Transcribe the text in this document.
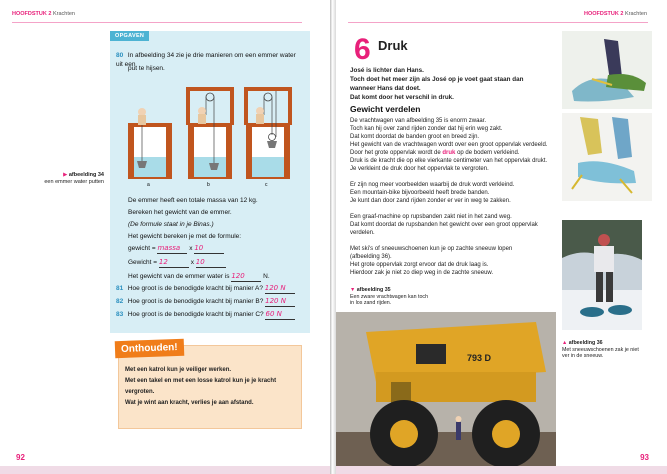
HOOFDSTUK 2 Krachten
▶ afbeelding 34
een emmer water putten
OPGAVEN
80 In afbeelding 34 zie je drie manieren om een emmer water uit een
put te hijsen.
a	b	c
De emmer heeft een totale massa van 12 kg.
Bereken het gewicht van de emmer.
(De formule staat in je Binas.)
Het gewicht bereken je met de formule:
gewicht = massa x 10
Gewicht = 12	x 10
Het gewicht van de emmer water is 120	N.
81 Hoe groot is de benodigde kracht bij manier A? 120 N
82 Hoe groot is de benodigde kracht bij manier B? 120 N
83 Hoe groot is de benodigde kracht bij manier C? 60 N
Onthouden!
Met een katrol kun je veiliger werken.
Met een takel en met een losse katrol kun je je kracht
vergroten.
Wat je wint aan kracht, verlies je aan afstand.
92
HOOFDSTUK 2 Krachten
6 Druk
José is lichter dan Hans.
Toch doet het meer zijn als José op je voet gaat staan dan
wanneer Hans dat doet.
Dat komt door het verschil in druk.
Gewicht verdelen
De vrachtwagen van afbeelding 35 is enorm zwaar.
Toch kan hij over zand rijden zonder dat hij erin weg zakt.
Dat komt doordat de banden groot en breed zijn.
Het gewicht van de vrachtwagen wordt over een groot oppervlak verdeeld.
Door het grote oppervlak wordt de druk op de bodem verkleind.
Druk is de kracht die op elke vierkante centimeter van het oppervlak drukt.
Je verkleint de druk door het oppervlak te vergroten.
Er zijn nog meer voorbeelden waarbij de druk wordt verkleind.
Een mountain-bike bijvoorbeeld heeft brede banden.
Je kunt dan door zand rijden zonder er ver in weg te zakken.
Een graaf-machine op rupsbanden zakt niet in het zand weg.
Dat komt doordat de rupsbanden het gewicht over een groot oppervlak
verdelen.
Met ski's of sneeuwschoenen kun je op zachte sneeuw lopen
(afbeelding 36).
Het grote oppervlak zorgt ervoor dat de druk laag is.
Hierdoor zak je niet zo diep weg in de zachte sneeuw.
▼ afbeelding 35
Een zware vrachtwagen kan toch
in los zand rijden.
▲ afbeelding 36
Met sneeuwschoenen zak je niet
ver in de sneeuw.
793 D
93
